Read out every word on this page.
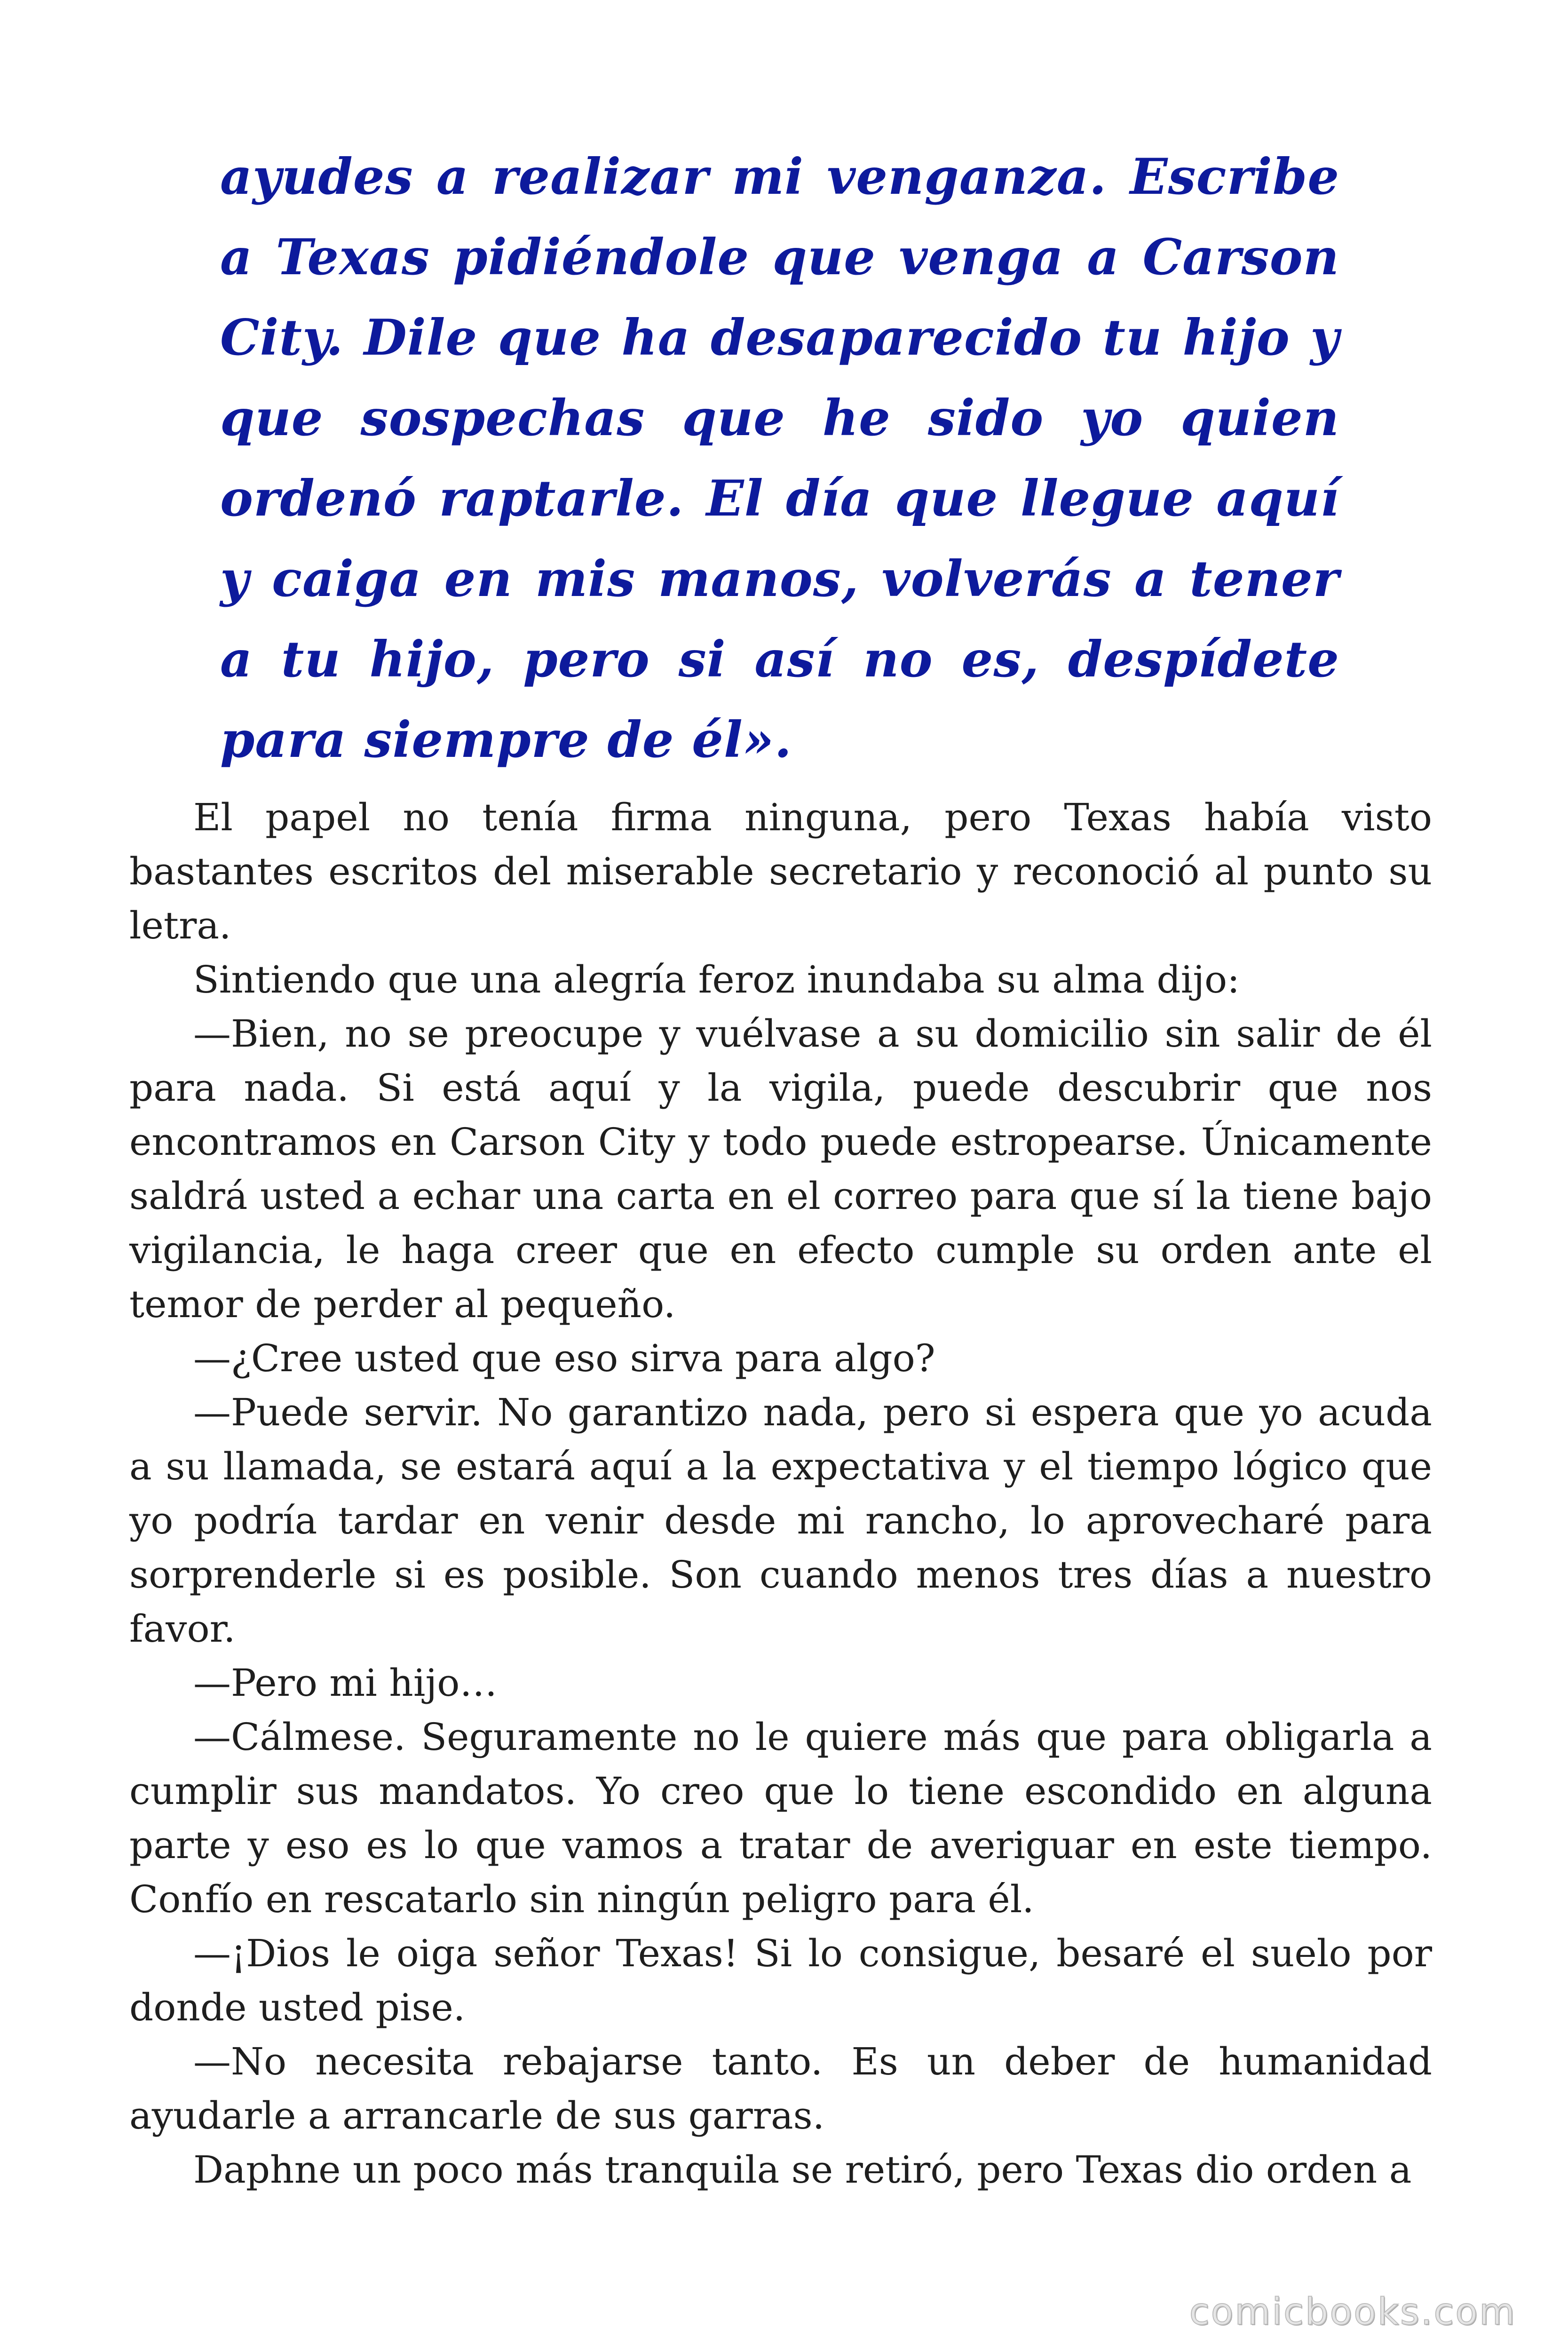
ayudes a realizar mi venganza. Escribe a Texas pidiéndole que venga a Carson City. Dile que ha desaparecido tu hijo y que sospechas que he sido yo quien ordenó raptarle. El día que llegue aquí y caiga en mis manos, volverás a tener a tu hijo, pero si así no es, despídete para siempre de él».

El papel no tenía firma ninguna, pero Texas había visto bastantes escritos del miserable secretario y reconoció al punto su letra.

Sintiendo que una alegría feroz inundaba su alma dijo:

—Bien, no se preocupe y vuélvase a su domicilio sin salir de él para nada. Si está aquí y la vigila, puede descubrir que nos encontramos en Carson City y todo puede estropearse. Únicamente saldrá usted a echar una carta en el correo para que sí la tiene bajo vigilancia, le haga creer que en efecto cumple su orden ante el temor de perder al pequeño.

—¿Cree usted que eso sirva para algo?

—Puede servir. No garantizo nada, pero si espera que yo acuda a su llamada, se estará aquí a la expectativa y el tiempo lógico que yo podría tardar en venir desde mi rancho, lo aprovecharé para sorprenderle si es posible. Son cuando menos tres días a nuestro favor.

—Pero mi hijo…

—Cálmese. Seguramente no le quiere más que para obligarla a cumplir sus mandatos. Yo creo que lo tiene escondido en alguna parte y eso es lo que vamos a tratar de averiguar en este tiempo. Confío en rescatarlo sin ningún peligro para él.

—¡Dios le oiga señor Texas! Si lo consigue, besaré el suelo por donde usted pise.

—No necesita rebajarse tanto. Es un deber de humanidad ayudarle a arrancarle de sus garras.

Daphne un poco más tranquila se retiró, pero Texas dio orden a

comicbooks.com
